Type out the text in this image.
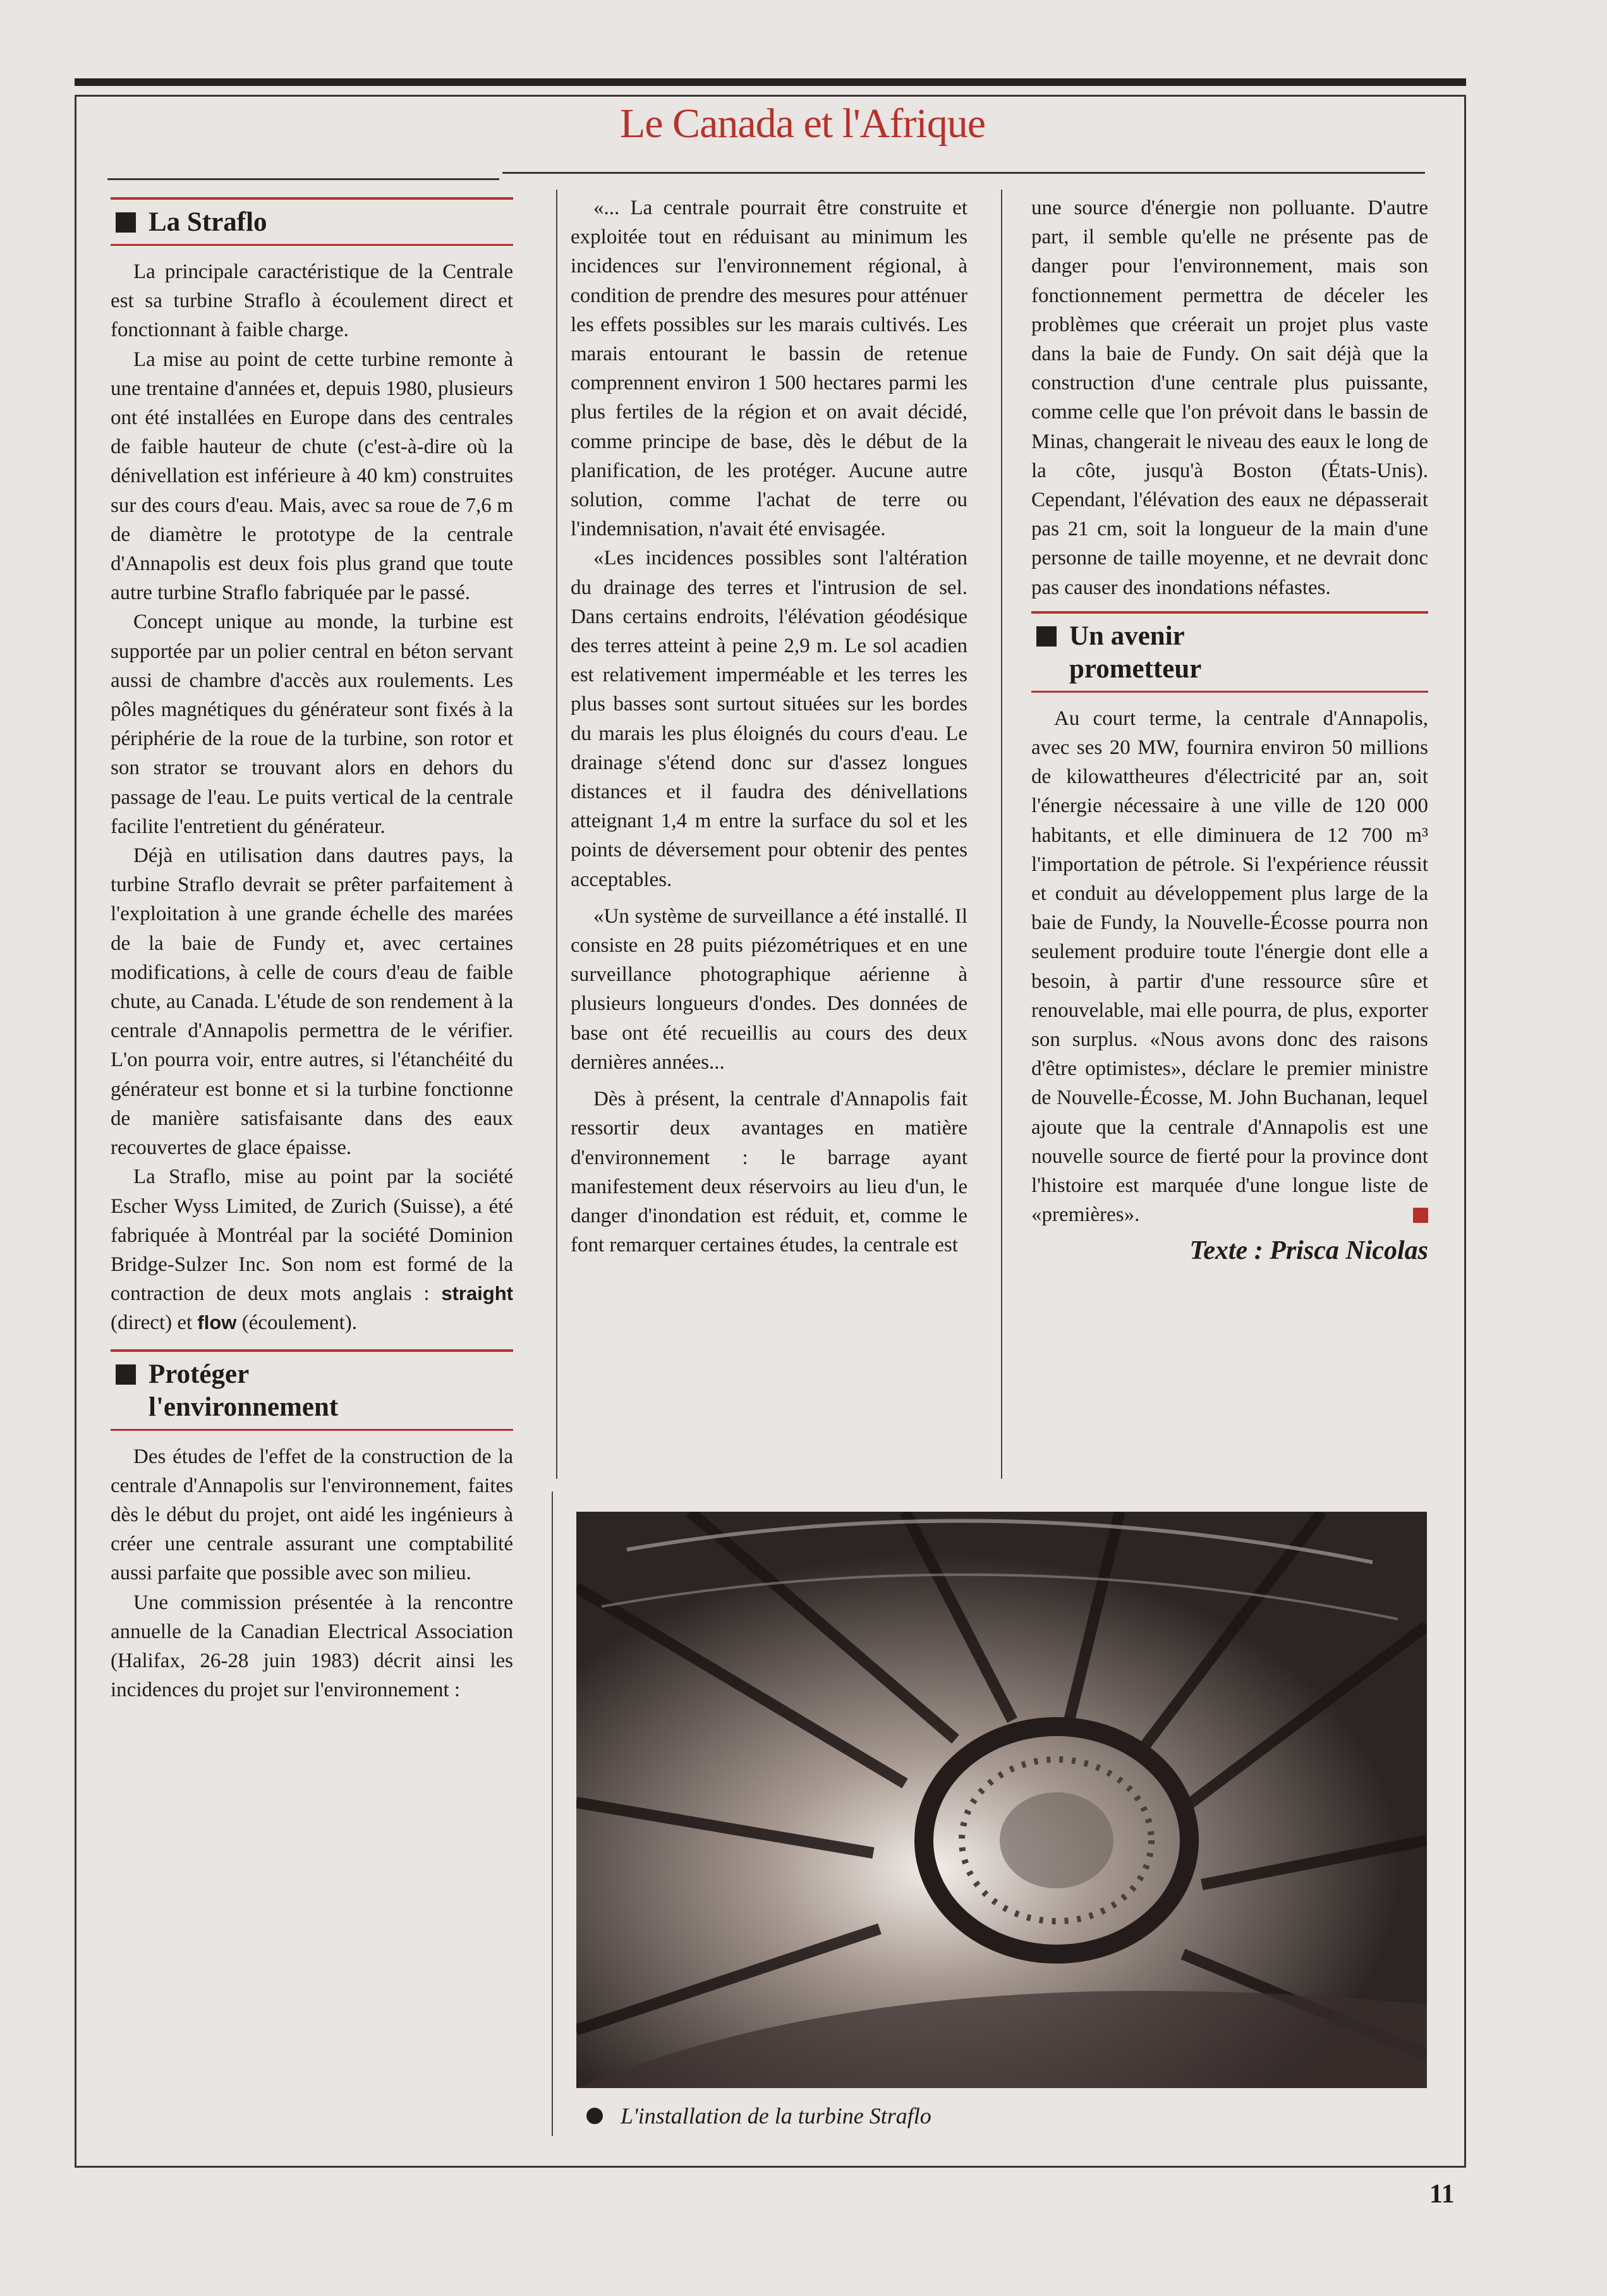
Le Canada et l'Afrique
La Straflo

La principale caractéristique de la Centrale est sa turbine Straflo à écoulement direct et fonctionnant à faible charge.

La mise au point de cette turbine remonte à une trentaine d'années et, depuis 1980, plusieurs ont été installées en Europe dans des centrales de faible hauteur de chute (c'est-à-dire où la dénivellation est inférieure à 40 km) construites sur des cours d'eau. Mais, avec sa roue de 7,6 m de diamètre le prototype de la centrale d'Annapolis est deux fois plus grand que toute autre turbine Straflo fabriquée par le passé.

Concept unique au monde, la turbine est supportée par un polier central en béton servant aussi de chambre d'accès aux roulements. Les pôles magnétiques du générateur sont fixés à la périphérie de la roue de la turbine, son rotor et son strator se trouvant alors en dehors du passage de l'eau. Le puits vertical de la centrale facilite l'entretient du générateur.

Déjà en utilisation dans dautres pays, la turbine Straflo devrait se prêter parfaitement à l'exploitation à une grande échelle des marées de la baie de Fundy et, avec certaines modifications, à celle de cours d'eau de faible chute, au Canada. L'étude de son rendement à la centrale d'Annapolis permettra de le vérifier. L'on pourra voir, entre autres, si l'étanchéité du générateur est bonne et si la turbine fonctionne de manière satisfaisante dans des eaux recouvertes de glace épaisse.

La Straflo, mise au point par la société Escher Wyss Limited, de Zurich (Suisse), a été fabriquée à Montréal par la société Dominion Bridge-Sulzer Inc. Son nom est formé de la contraction de deux mots anglais : straight (direct) et flow (écoulement).

Protéger
l'environnement

Des études de l'effet de la construction de la centrale d'Annapolis sur l'environnement, faites dès le début du projet, ont aidé les ingénieurs à créer une centrale assurant une comptabilité aussi parfaite que possible avec son milieu.

Une commission présentée à la rencontre annuelle de la Canadian Electrical Association (Halifax, 26-28 juin 1983) décrit ainsi les incidences du projet sur l'environnement :

«... La centrale pourrait être construite et exploitée tout en réduisant au minimum les incidences sur l'environnement régional, à condition de prendre des mesures pour atténuer les effets possibles sur les marais cultivés. Les marais entourant le bassin de retenue comprennent environ 1 500 hectares parmi les plus fertiles de la région et on avait décidé, comme principe de base, dès le début de la planification, de les protéger. Aucune autre solution, comme l'achat de terre ou l'indemnisation, n'avait été envisagée.

«Les incidences possibles sont l'altération du drainage des terres et l'intrusion de sel. Dans certains endroits, l'élévation géodésique des terres atteint à peine 2,9 m. Le sol acadien est relativement imperméable et les terres les plus basses sont surtout situées sur les bordes du marais les plus éloignés du cours d'eau. Le drainage s'étend donc sur d'assez longues distances et il faudra des dénivellations atteignant 1,4 m entre la surface du sol et les points de déversement pour obtenir des pentes acceptables.

«Un système de surveillance a été installé. Il consiste en 28 puits piézométriques et en une surveillance photographique aérienne à plusieurs longueurs d'ondes. Des données de base ont été recueillis au cours des deux dernières années...

Dès à présent, la centrale d'Annapolis fait ressortir deux avantages en matière d'environnement : le barrage ayant manifestement deux réservoirs au lieu d'un, le danger d'inondation est réduit, et, comme le font remarquer certaines études, la centrale est

une source d'énergie non polluante. D'autre part, il semble qu'elle ne présente pas de danger pour l'environnement, mais son fonctionnement permettra de déceler les problèmes que créerait un projet plus vaste dans la baie de Fundy. On sait déjà que la construction d'une centrale plus puissante, comme celle que l'on prévoit dans le bassin de Minas, changerait le niveau des eaux le long de la côte, jusqu'à Boston (États-Unis). Cependant, l'élévation des eaux ne dépasserait pas 21 cm, soit la longueur de la main d'une personne de taille moyenne, et ne devrait donc pas causer des inondations néfastes.

Un avenir
prometteur

Au court terme, la centrale d'Annapolis, avec ses 20 MW, fournira environ 50 millions de kilowattheures d'électricité par an, soit l'énergie nécessaire à une ville de 120 000 habitants, et elle diminuera de 12 700 m³ l'importation de pétrole. Si l'expérience réussit et conduit au développement plus large de la baie de Fundy, la Nouvelle-Écosse pourra non seulement produire toute l'énergie dont elle a besoin, à partir d'une ressource sûre et renouvelable, mai elle pourra, de plus, exporter son surplus. «Nous avons donc des raisons d'être optimistes», déclare le premier ministre de Nouvelle-Écosse, M. John Buchanan, lequel ajoute que la centrale d'Annapolis est une nouvelle source de fierté pour la province dont l'histoire est marquée d'une longue liste de «premières».

Texte : Prisca Nicolas
L'installation de la turbine Straflo
11
